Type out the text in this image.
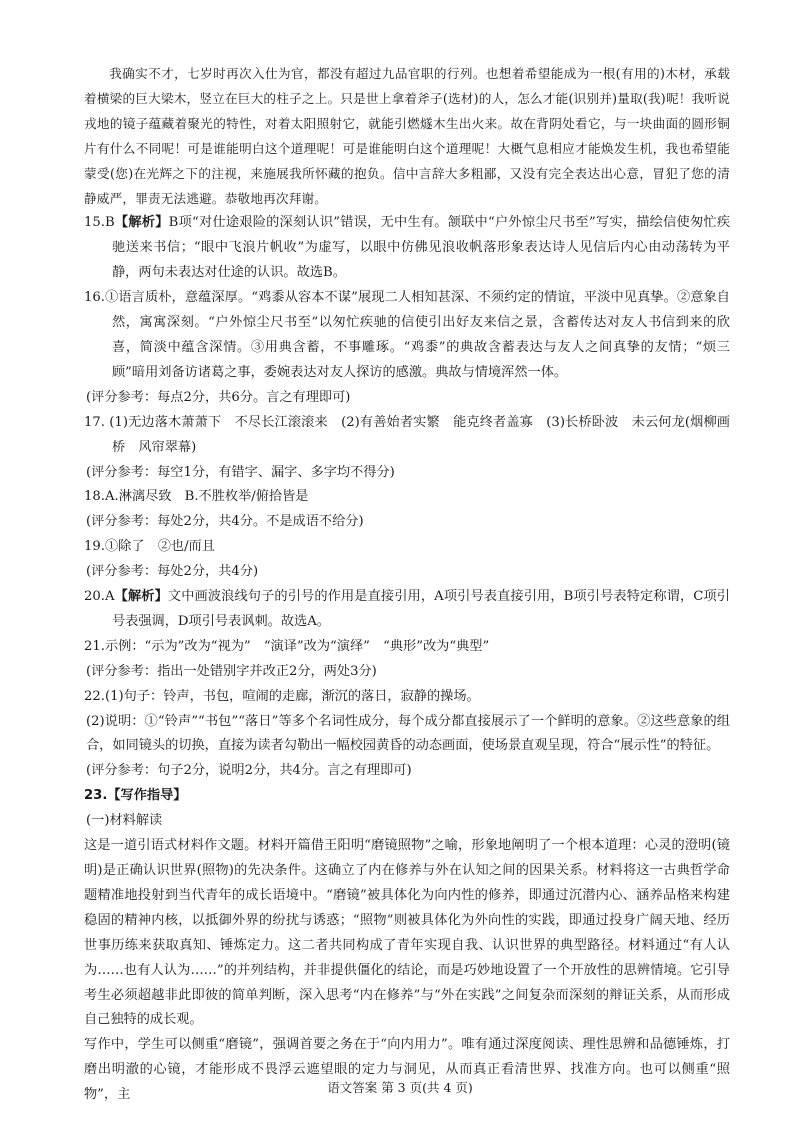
我确实不才，七岁时再次入仕为官，都没有超过九品官职的行列。也想着希望能成为一根(有用的)木材，承载着横梁的巨大梁木，竖立在巨大的柱子之上。只是世上拿着斧子(选材)的人，怎么才能(识别并)量取(我)呢！我听说戎地的镜子蕴藏着聚光的特性，对着太阳照射它，就能引燃燧木生出火来。故在背阴处看它，与一块曲面的圆形铜片有什么不同呢！可是谁能明白这个道理呢！可是谁能明白这个道理呢！大概气息相应才能焕发生机，我也希望能蒙受(您)在光辉之下的注视，来施展我所怀藏的抱负。信中言辞大多粗鄙，又没有完全表达出心意，冒犯了您的清静威严，罪责无法逃避。恭敬地再次拜谢。

15.B【解析】B项“对仕途艰险的深刻认识”错误，无中生有。颔联中“户外惊尘尺书至”写实，描绘信使匆忙疾驰送来书信；“眼中飞浪片帆收”为虚写，以眼中仿佛见浪收帆落形象表达诗人见信后内心由动荡转为平静，两句未表达对仕途的认识。故选B。

16.①语言质朴，意蕴深厚。“鸡黍从容本不谋”展现二人相知甚深、不须约定的情谊，平淡中见真挚。②意象自然，寓寓深刻。“户外惊尘尺书至”以匆忙疾驰的信使引出好友来信之景，含蓄传达对友人书信到来的欣喜，简淡中蕴含深情。③用典含蓄，不事雕琢。“鸡黍”的典故含蓄表达与友人之间真挚的友情；“烦三顾”暗用刘备访诸葛之事，委婉表达对友人探访的感激。典故与情境浑然一体。

(评分参考：每点2分，共6分。言之有理即可)

17. (1)无边落木萧萧下　不尽长江滚滚来　(2)有善始者实繁　能克终者盖寡　(3)长桥卧波　未云何龙(烟柳画桥　风帘翠幕)

(评分参考：每空1分，有错字、漏字、多字均不得分)

18.A.淋漓尽致　B.不胜枚举/俯拾皆是

(评分参考：每处2分，共4分。不是成语不给分)

19.①除了　②也/而且

(评分参考：每处2分，共4分)

20.A【解析】文中画波浪线句子的引号的作用是直接引用，A项引号表直接引用，B项引号表特定称谓，C项引号表强调，D项引号表讽刺。故选A。

21.示例：“示为”改为“视为”　“演译”改为“演绎”　“典形”改为“典型”

(评分参考：指出一处错别字并改正2分，两处3分)

22.(1)句子：铃声，书包，喧闹的走廊，渐沉的落日，寂静的操场。

(2)说明：①“铃声”“书包”“落日”等多个名词性成分，每个成分都直接展示了一个鲜明的意象。②这些意象的组合，如同镜头的切换，直接为读者勾勒出一幅校园黄昏的动态画面，使场景直观呈现，符合“展示性”的特征。

(评分参考：句子2分，说明2分，共4分。言之有理即可)

23.【写作指导】

(一)材料解读

这是一道引语式材料作文题。材料开篇借王阳明“磨镜照物”之喻，形象地阐明了一个根本道理：心灵的澄明(镜明)是正确认识世界(照物)的先决条件。这确立了内在修养与外在认知之间的因果关系。材料将这一古典哲学命题精准地投射到当代青年的成长语境中。“磨镜”被具体化为向内性的修养，即通过沉潜内心、涵养品格来构建稳固的精神内核，以抵御外界的纷扰与诱惑；“照物”则被具体化为外向性的实践，即通过投身广阔天地、经历世事历练来获取真知、锤炼定力。这二者共同构成了青年实现自我、认识世界的典型路径。材料通过“有人认为……也有人认为……”的并列结构，并非提供僵化的结论，而是巧妙地设置了一个开放性的思辨情境。它引导考生必须超越非此即彼的简单判断，深入思考“内在修养”与“外在实践”之间复杂而深刻的辩证关系，从而形成自己独特的成长观。

写作中，学生可以侧重“磨镜”，强调首要之务在于“向内用力”。唯有通过深度阅读、理性思辨和品德锤炼，打磨出明澈的心镜，才能形成不畏浮云遮望眼的定力与洞见，从而真正看清世界、找准方向。也可以侧重“照物”，主	语文答案 第 3 页(共 4 页)
